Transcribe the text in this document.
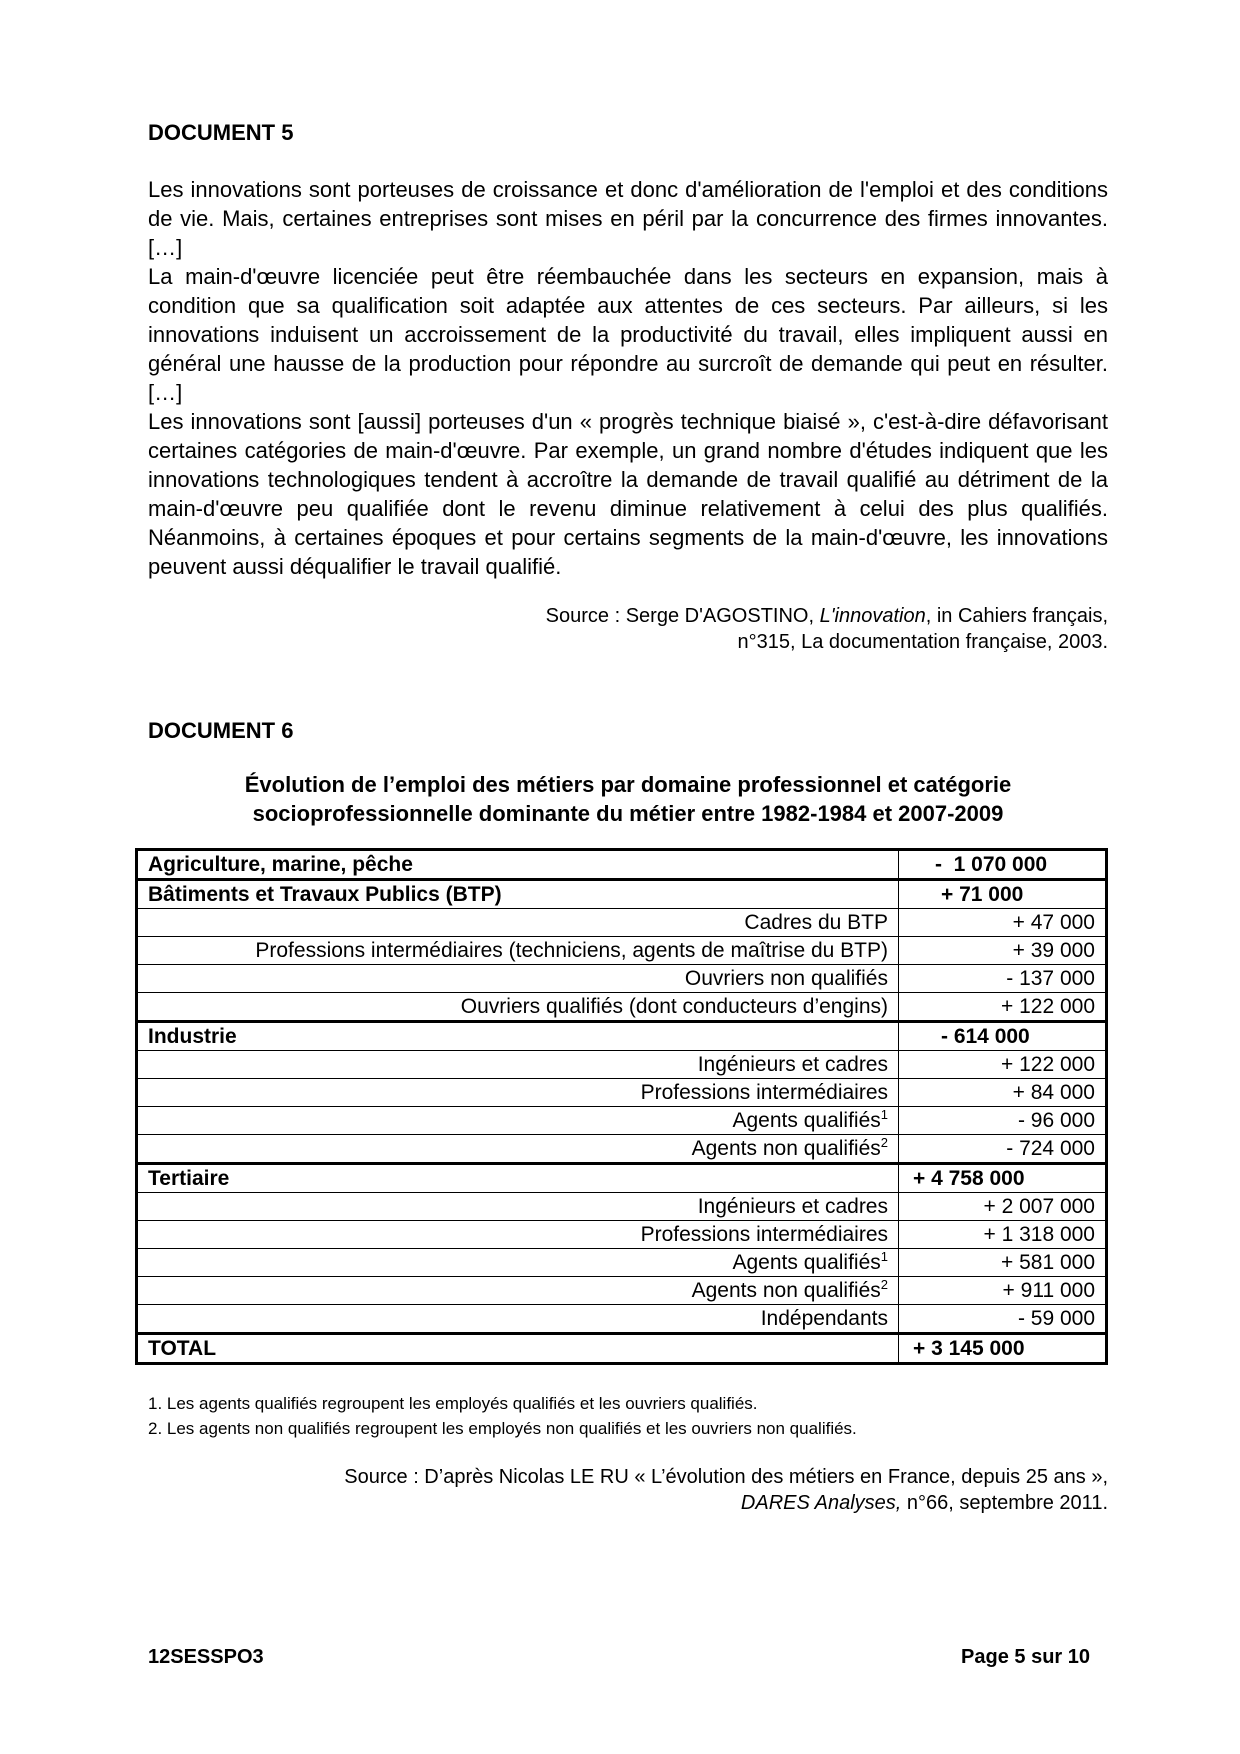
DOCUMENT 5

Les innovations sont porteuses de croissance et donc d'amélioration de l'emploi et des conditions de vie. Mais, certaines entreprises sont mises en péril par la concurrence des firmes innovantes. […]

La main-d'œuvre licenciée peut être réembauchée dans les secteurs en expansion, mais à condition que sa qualification soit adaptée aux attentes de ces secteurs. Par ailleurs, si les innovations induisent un accroissement de la productivité du travail, elles impliquent aussi en général une hausse de la production pour répondre au surcroît de demande qui peut en résulter. […]

Les innovations sont [aussi] porteuses d'un « progrès technique biaisé », c'est-à-dire défavorisant certaines catégories de main-d'œuvre. Par exemple, un grand nombre d'études indiquent que les innovations technologiques tendent à accroître la demande de travail qualifié au détriment de la main-d'œuvre peu qualifiée dont le revenu diminue relativement à celui des plus qualifiés. Néanmoins, à certaines époques et pour certains segments de la main-d'œuvre, les innovations peuvent aussi déqualifier le travail qualifié.

Source : Serge D'AGOSTINO, L'innovation, in Cahiers français,
n°315, La documentation française, 2003.
DOCUMENT 6
Évolution de l’emploi des métiers par domaine professionnel et catégorie
socioprofessionnelle dominante du métier entre 1982-1984 et 2007-2009
Agriculture, marine, pêche	-  1 070 000
Bâtiments et Travaux Publics (BTP)	+ 71 000
Cadres du BTP	+ 47 000
Professions intermédiaires (techniciens, agents de maîtrise du BTP)	+ 39 000
Ouvriers non qualifiés	- 137 000
Ouvriers qualifiés (dont conducteurs d’engins)	+ 122 000
Industrie	- 614 000
Ingénieurs et cadres	+ 122 000
Professions intermédiaires	+ 84 000
Agents qualifiés$^1$	- 96 000
Agents non qualifiés$^2$	- 724 000
Tertiaire	+ 4 758 000
Ingénieurs et cadres	+ 2 007 000
Professions intermédiaires	+ 1 318 000
Agents qualifiés$^1$	+ 581 000
Agents non qualifiés$^2$	+ 911 000
Indépendants	- 59 000
TOTAL	+ 3 145 000
1. Les agents qualifiés regroupent les employés qualifiés et les ouvriers qualifiés.
2. Les agents non qualifiés regroupent les employés non qualifiés et les ouvriers non qualifiés.
Source : D’après Nicolas LE RU « L’évolution des métiers en France, depuis 25 ans »,
DARES Analyses, n°66, septembre 2011.
12SESSPO3	Page 5 sur 10
